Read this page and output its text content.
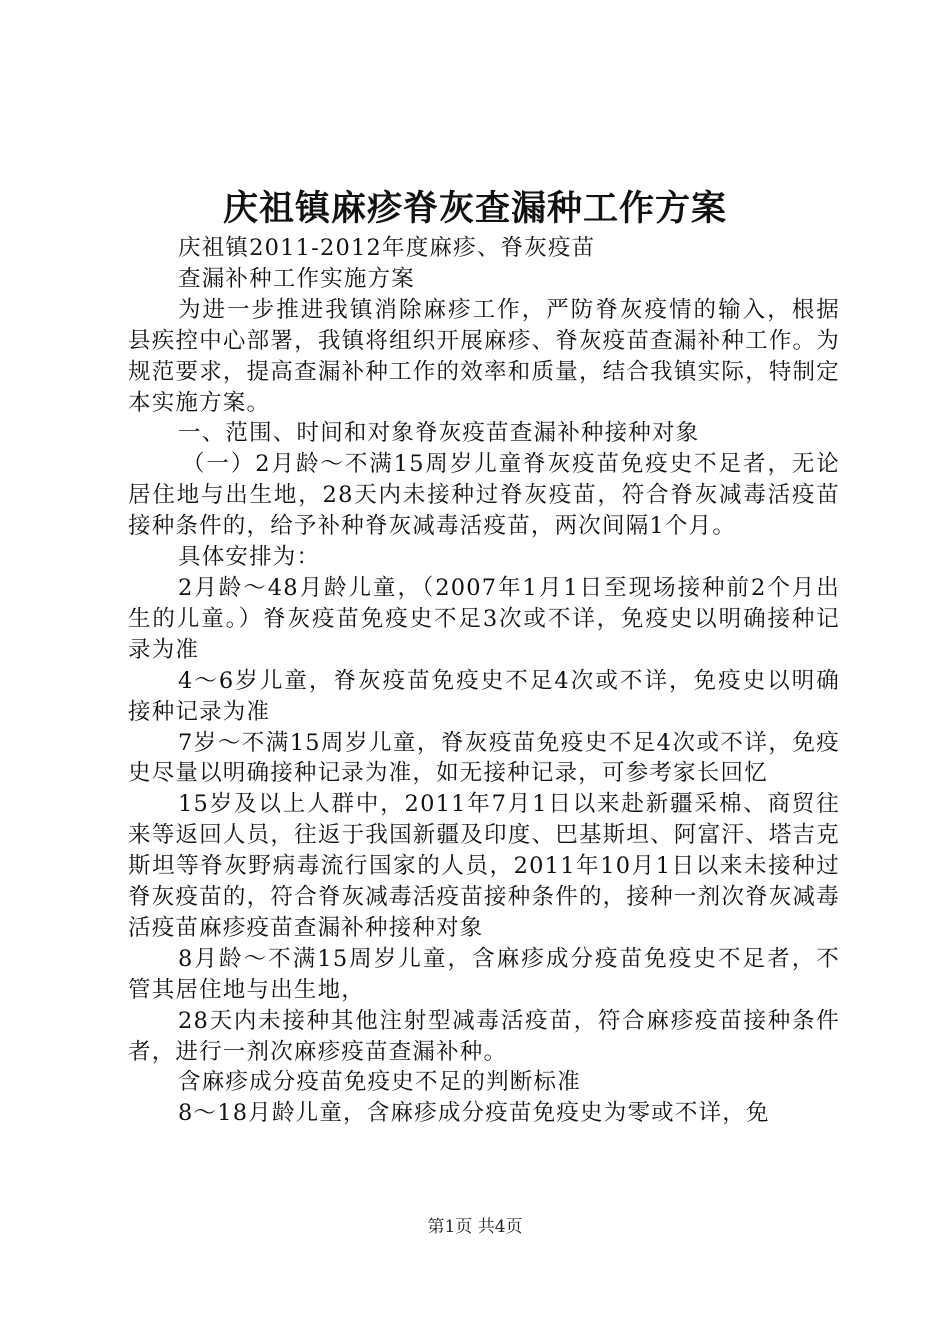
庆祖镇麻疹脊灰查漏种工作方案

庆祖镇2011-2012年度麻疹、脊灰疫苗

查漏补种工作实施方案

为进一步推进我镇消除麻疹工作，严防脊灰疫情的输入，根据县疾控中心部署，我镇将组织开展麻疹、脊灰疫苗查漏补种工作。为规范要求，提高查漏补种工作的效率和质量，结合我镇实际，特制定本实施方案。

一、范围、时间和对象脊灰疫苗查漏补种接种对象

（一）2月龄～不满15周岁儿童脊灰疫苗免疫史不足者，无论居住地与出生地，28天内未接种过脊灰疫苗，符合脊灰减毒活疫苗接种条件的，给予补种脊灰减毒活疫苗，两次间隔1个月。

具体安排为：

2月龄～48月龄儿童，（2007年1月1日至现场接种前2个月出生的儿童。）脊灰疫苗免疫史不足3次或不详，免疫史以明确接种记录为准

4～6岁儿童，脊灰疫苗免疫史不足4次或不详，免疫史以明确接种记录为准

7岁～不满15周岁儿童，脊灰疫苗免疫史不足4次或不详，免疫史尽量以明确接种记录为准，如无接种记录，可参考家长回忆

15岁及以上人群中，2011年7月1日以来赴新疆采棉、商贸往来等返回人员，往返于我国新疆及印度、巴基斯坦、阿富汗、塔吉克斯坦等脊灰野病毒流行国家的人员，2011年10月1日以来未接种过脊灰疫苗的，符合脊灰减毒活疫苗接种条件的，接种一剂次脊灰减毒活疫苗麻疹疫苗查漏补种接种对象

8月龄～不满15周岁儿童，含麻疹成分疫苗免疫史不足者，不管其居住地与出生地，

28天内未接种其他注射型减毒活疫苗，符合麻疹疫苗接种条件者，进行一剂次麻疹疫苗查漏补种。

含麻疹成分疫苗免疫史不足的判断标准

8～18月龄儿童，含麻疹成分疫苗免疫史为零或不详，免

第1页 共4页
